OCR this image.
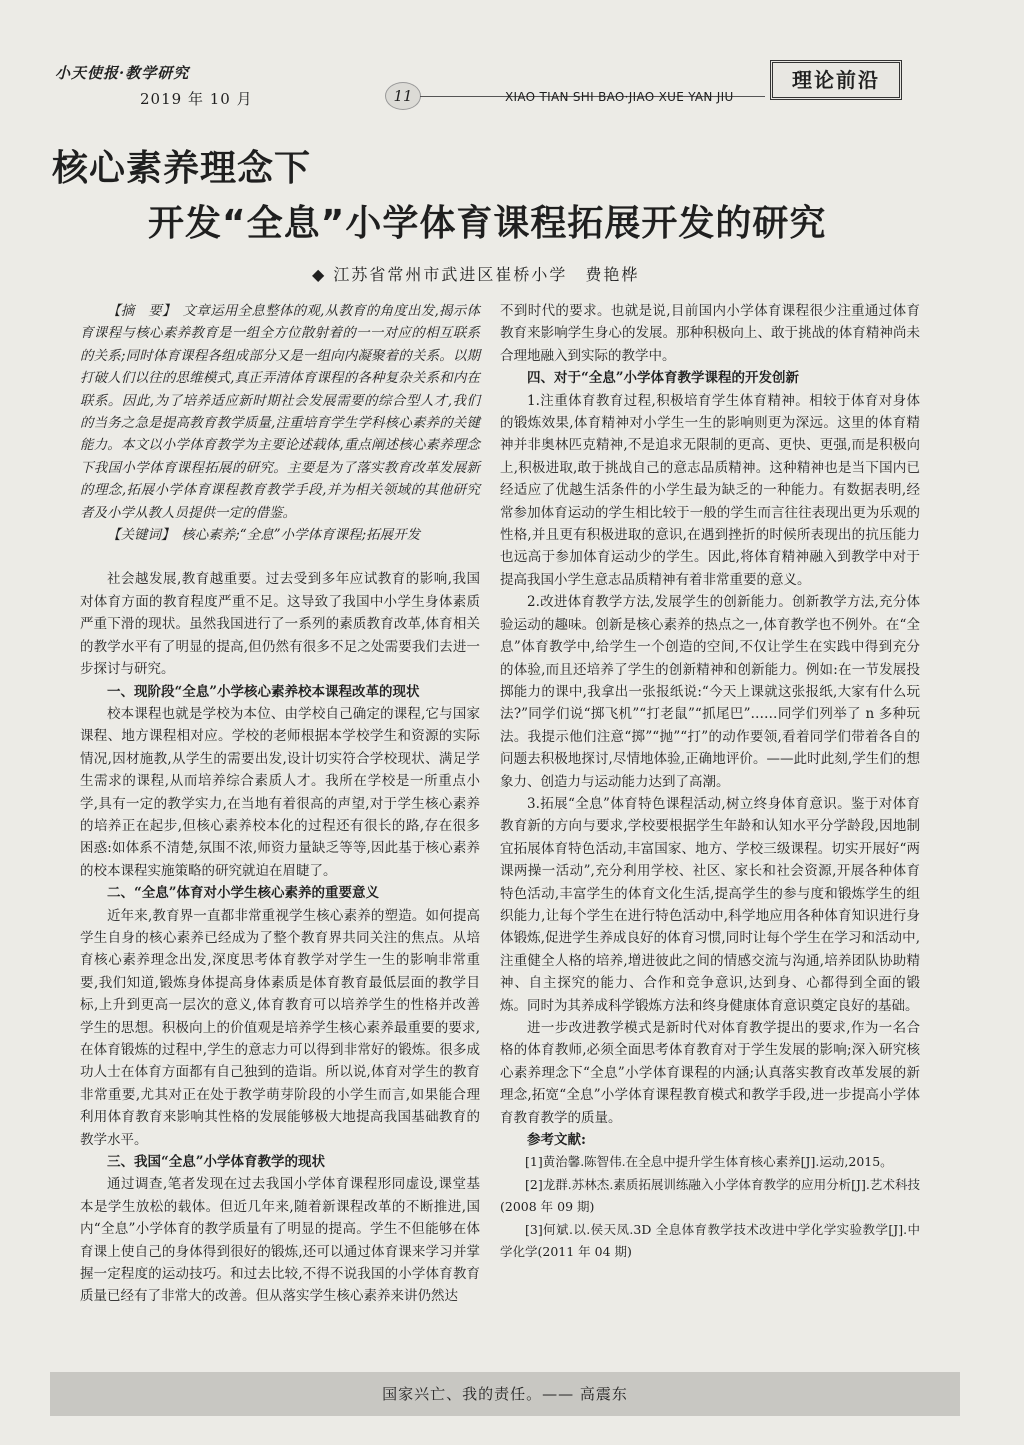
小天使报·教学研究
2019 年 10 月	11	XIAO TIAN SHI BAO·JIAO XUE YAN JIU
理论前沿
核心素养理念下
开发“全息”小学体育课程拓展开发的研究
◆ 江苏省常州市武进区崔桥小学　费艳桦

【摘　要】　文章运用全息整体的观,从教育的角度出发,揭示体育课程与核心素养教育是一组全方位散射着的一一对应的相互联系的关系;同时体育课程各组成部分又是一组向内凝聚着的关系。以期打破人们以往的思维模式,真正弄清体育课程的各种复杂关系和内在联系。因此,为了培养适应新时期社会发展需要的综合型人才,我们的当务之急是提高教育教学质量,注重培育学生学科核心素养的关键能力。本文以小学体育教学为主要论述载体,重点阐述核心素养理念下我国小学体育课程拓展的研究。主要是为了落实教育改革发展新的理念,拓展小学体育课程教育教学手段,并为相关领域的其他研究者及小学从教人员提供一定的借鉴。

【关键词】　核心素养;“全息”小学体育课程;拓展开发

社会越发展,教育越重要。过去受到多年应试教育的影响,我国对体育方面的教育程度严重不足。这导致了我国中小学生身体素质严重下滑的现状。虽然我国进行了一系列的素质教育改革,体育相关的教学水平有了明显的提高,但仍然有很多不足之处需要我们去进一步探讨与研究。

一、现阶段“全息”小学核心素养校本课程改革的现状

校本课程也就是学校为本位、由学校自己确定的课程,它与国家课程、地方课程相对应。学校的老师根据本学校学生和资源的实际情况,因材施教,从学生的需要出发,设计切实符合学校现状、满足学生需求的课程,从而培养综合素质人才。我所在学校是一所重点小学,具有一定的教学实力,在当地有着很高的声望,对于学生核心素养的培养正在起步,但核心素养校本化的过程还有很长的路,存在很多困惑:如体系不清楚,氛围不浓,师资力量缺乏等等,因此基于核心素养的校本课程实施策略的研究就迫在眉睫了。

二、“全息”体育对小学生核心素养的重要意义

近年来,教育界一直都非常重视学生核心素养的塑造。如何提高学生自身的核心素养已经成为了整个教育界共同关注的焦点。从培育核心素养理念出发,深度思考体育教学对学生一生的影响非常重要,我们知道,锻炼身体提高身体素质是体育教育最低层面的教学目标,上升到更高一层次的意义,体育教育可以培养学生的性格并改善学生的思想。积极向上的价值观是培养学生核心素养最重要的要求,在体育锻炼的过程中,学生的意志力可以得到非常好的锻炼。很多成功人士在体育方面都有自己独到的造诣。所以说,体育对学生的教育非常重要,尤其对正在处于教学萌芽阶段的小学生而言,如果能合理利用体育教育来影响其性格的发展能够极大地提高我国基础教育的教学水平。

三、我国“全息”小学体育教学的现状

通过调查,笔者发现在过去我国小学体育课程形同虚设,课堂基本是学生放松的载体。但近几年来,随着新课程改革的不断推进,国内“全息”小学体育的教学质量有了明显的提高。学生不但能够在体育课上使自己的身体得到很好的锻炼,还可以通过体育课来学习并掌握一定程度的运动技巧。和过去比较,不得不说我国的小学体育教育质量已经有了非常大的改善。但从落实学生核心素养来讲仍然达

不到时代的要求。也就是说,目前国内小学体育课程很少注重通过体育教育来影响学生身心的发展。那种积极向上、敢于挑战的体育精神尚未合理地融入到实际的教学中。

四、对于“全息”小学体育教学课程的开发创新

1.注重体育教育过程,积极培育学生体育精神。相较于体育对身体的锻炼效果,体育精神对小学生一生的影响则更为深远。这里的体育精神并非奥林匹克精神,不是追求无限制的更高、更快、更强,而是积极向上,积极进取,敢于挑战自己的意志品质精神。这种精神也是当下国内已经适应了优越生活条件的小学生最为缺乏的一种能力。有数据表明,经常参加体育运动的学生相比较于一般的学生而言往往表现出更为乐观的性格,并且更有积极进取的意识,在遇到挫折的时候所表现出的抗压能力也远高于参加体育运动少的学生。因此,将体育精神融入到教学中对于提高我国小学生意志品质精神有着非常重要的意义。

2.改进体育教学方法,发展学生的创新能力。创新教学方法,充分体验运动的趣味。创新是核心素养的热点之一,体育教学也不例外。在“全息”体育教学中,给学生一个创造的空间,不仅让学生在实践中得到充分的体验,而且还培养了学生的创新精神和创新能力。例如:在一节发展投掷能力的课中,我拿出一张报纸说:“今天上课就这张报纸,大家有什么玩法?”同学们说“掷飞机”“打老鼠”“抓尾巴”……同学们列举了 n 多种玩法。我提示他们注意“掷”“抛”“打”的动作要领,看着同学们带着各自的问题去积极地探讨,尽情地体验,正确地评价。——此时此刻,学生们的想象力、创造力与运动能力达到了高潮。

3.拓展“全息”体育特色课程活动,树立终身体育意识。鉴于对体育教育新的方向与要求,学校要根据学生年龄和认知水平分学龄段,因地制宜拓展体育特色活动,丰富国家、地方、学校三级课程。切实开展好“两课两操一活动”,充分利用学校、社区、家长和社会资源,开展各种体育特色活动,丰富学生的体育文化生活,提高学生的参与度和锻炼学生的组织能力,让每个学生在进行特色活动中,科学地应用各种体育知识进行身体锻炼,促进学生养成良好的体育习惯,同时让每个学生在学习和活动中,注重健全人格的培养,增进彼此之间的情感交流与沟通,培养团队协助精神、自主探究的能力、合作和竞争意识,达到身、心都得到全面的锻炼。同时为其养成科学锻炼方法和终身健康体育意识奠定良好的基础。

进一步改进教学模式是新时代对体育教学提出的要求,作为一名合格的体育教师,必须全面思考体育教育对于学生发展的影响;深入研究核心素养理念下“全息”小学体育课程的内涵;认真落实教育改革发展的新理念,拓宽“全息”小学体育课程教育模式和教学手段,进一步提高小学体育教育教学的质量。

参考文献:

[1]黄治馨.陈智伟.在全息中提升学生体育核心素养[J].运动,2015。

[2]龙群.苏林杰.素质拓展训练融入小学体育教学的应用分析[J].艺术科技(2008 年 09 期)

[3]何斌.以.侯天凤.3D 全息体育教学技术改进中学化学实验教学[J].中学化学(2011 年 04 期)

国家兴亡、我的责任。—— 高震东
